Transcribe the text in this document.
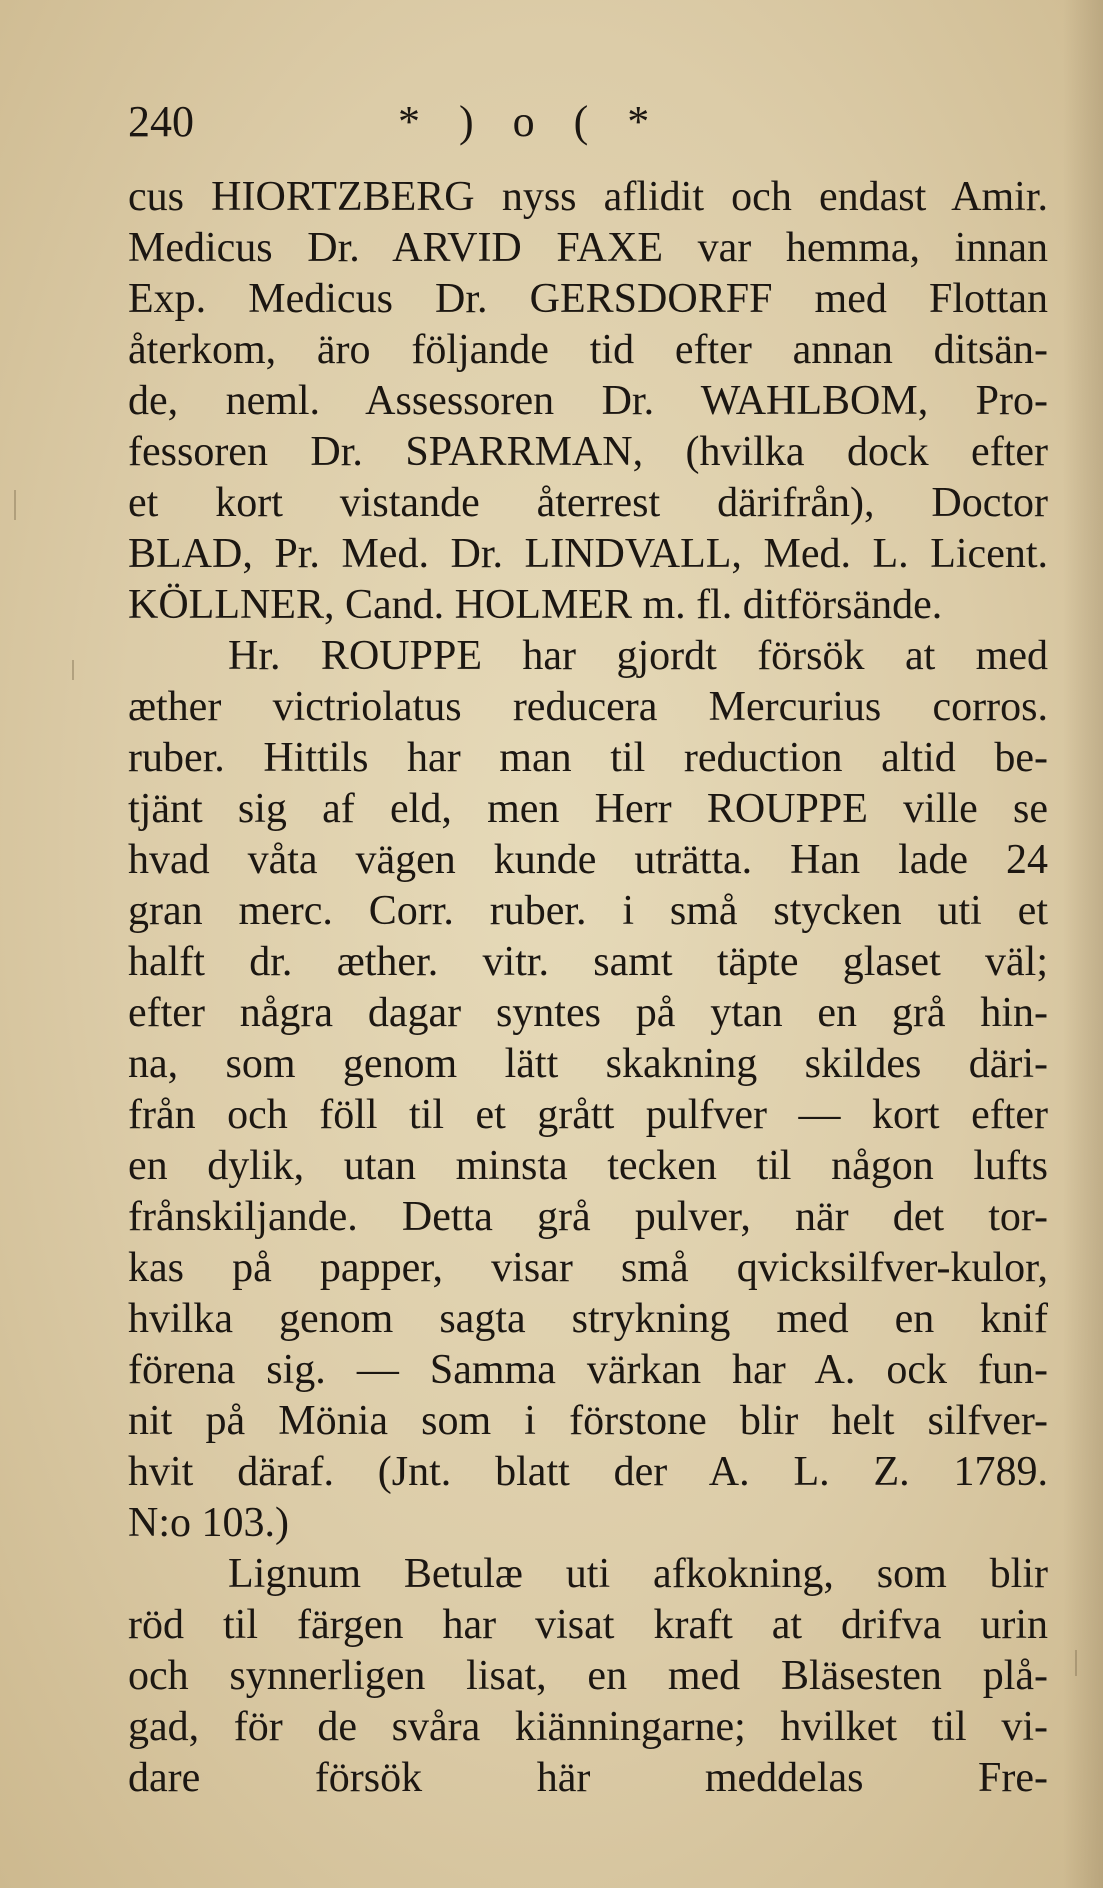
240	* ) o ( *
cus HIORTZBERG nyss aflidit och endast Amir.
Medicus Dr. ARVID FAXE var hemma, innan
Exp. Medicus Dr. GERSDORFF med Flottan
återkom, äro följande tid efter annan ditsän-
de, neml. Assessoren Dr. WAHLBOM, Pro-
fessoren Dr. SPARRMAN, (hvilka dock efter
et kort vistande återrest därifrån), Doctor
BLAD, Pr. Med. Dr. LINDVALL, Med. L. Licent.
KÖLLNER, Cand. HOLMER m. fl. ditförsände.
Hr. ROUPPE har gjordt försök at med
æther victriolatus reducera Mercurius corros.
ruber. Hittils har man til reduction altid be-
tjänt sig af eld, men Herr ROUPPE ville se
hvad våta vägen kunde uträtta. Han lade 24
gran merc. Corr. ruber. i små stycken uti et
halft dr. æther. vitr. samt täpte glaset väl;
efter några dagar syntes på ytan en grå hin-
na, som genom lätt skakning skildes däri-
från och föll til et grått pulfver — kort efter
en dylik, utan minsta tecken til någon lufts
frånskiljande. Detta grå pulver, när det tor-
kas på papper, visar små qvicksilfver-kulor,
hvilka genom sagta strykning med en knif
förena sig. — Samma värkan har A. ock fun-
nit på Mönia som i förstone blir helt silfver-
hvit däraf. (Jnt. blatt der A. L. Z. 1789.
N:o 103.)
Lignum Betulæ uti afkokning, som blir
röd til färgen har visat kraft at drifva urin
och synnerligen lisat, en med Bläsesten plå-
gad, för de svåra kiänningarne; hvilket til vi-
dare försök här meddelas Fre-
